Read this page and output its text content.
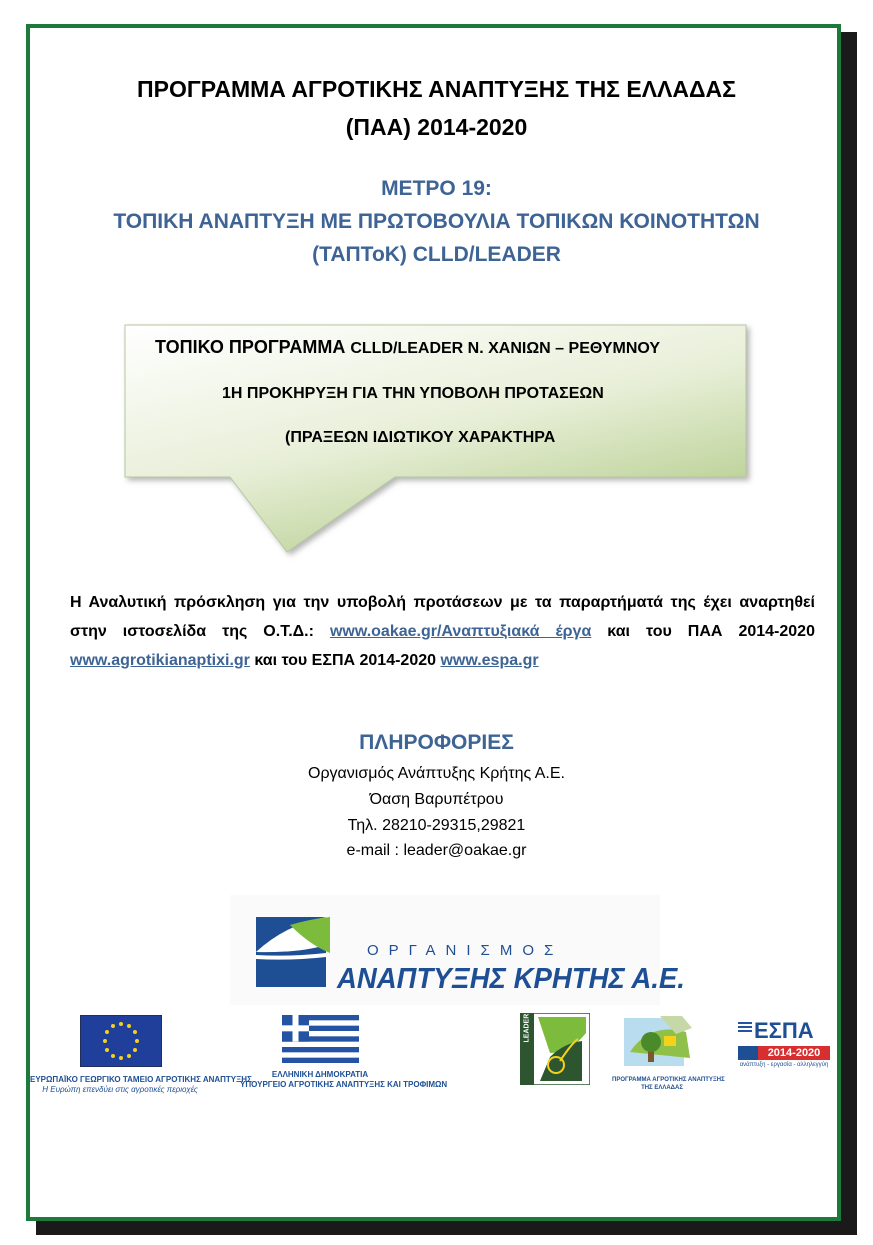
ΠΡΟΓΡΑΜΜΑ ΑΓΡΟΤΙΚΗΣ ΑΝΑΠΤΥΞΗΣ ΤΗΣ ΕΛΛΑΔΑΣ
(ΠΑΑ) 2014-2020
ΜΕΤΡΟ 19:
ΤΟΠΙΚΗ ΑΝΑΠΤΥΞΗ ΜΕ ΠΡΩΤΟΒΟΥΛΙΑ ΤΟΠΙΚΩΝ ΚΟΙΝΟΤΗΤΩΝ
(ΤΑΠΤοΚ) CLLD/LEADER
ΤΟΠΙΚΟ ΠΡΟΓΡΑΜΜΑ CLLD/LEADER Ν. ΧΑΝΙΩΝ – ΡΕΘΥΜΝΟΥ
1Η ΠΡΟΚΗΡΥΞΗ ΓΙΑ ΤΗΝ ΥΠΟΒΟΛΗ ΠΡΟΤΑΣΕΩΝ
(ΠΡΑΞΕΩΝ ΙΔΙΩΤΙΚΟΥ ΧΑΡΑΚΤΗΡΑ
Η Αναλυτική πρόσκληση για την υποβολή προτάσεων με τα παραρτήματά της έχει αναρτηθεί στην ιστοσελίδα της Ο.Τ.Δ.: www.oakae.gr/Αναπτυξιακά έργα και του ΠΑΑ 2014-2020 www.agrotikianaptixi.gr και του ΕΣΠΑ 2014-2020 www.espa.gr
ΠΛΗΡΟΦΟΡΙΕΣ
Οργανισμός Ανάπτυξης Κρήτης Α.Ε.
Όαση Βαρυπέτρου
Τηλ. 28210-29315,29821
e-mail : leader@oakae.gr
ΟΡΓΑΝΙΣΜΟΣ
ΑΝΑΠΤΥΞΗΣ ΚΡΗΤΗΣ Α.Ε.
ΕΥΡΩΠΑΪΚΟ ΓΕΩΡΓΙΚΟ ΤΑΜΕΙΟ ΑΓΡΟΤΙΚΗΣ ΑΝΑΠΤΥΞΗΣ
Η Ευρώπη επενδύει στις αγροτικές περιοχές
ΕΛΛΗΝΙΚΗ ΔΗΜΟΚΡΑΤΙΑ
ΥΠΟΥΡΓΕΙΟ ΑΓΡΟΤΙΚΗΣ ΑΝΑΠΤΥΞΗΣ ΚΑΙ ΤΡΟΦΙΜΩΝ
LEADER
ΠΡΟΓΡΑΜΜΑ ΑΓΡΟΤΙΚΗΣ ΑΝΑΠΤΥΞΗΣ
ΤΗΣ ΕΛΛΑΔΑΣ
ΕΣΠΑ
2014-2020
ανάπτυξη - εργασία - αλληλεγγύη
